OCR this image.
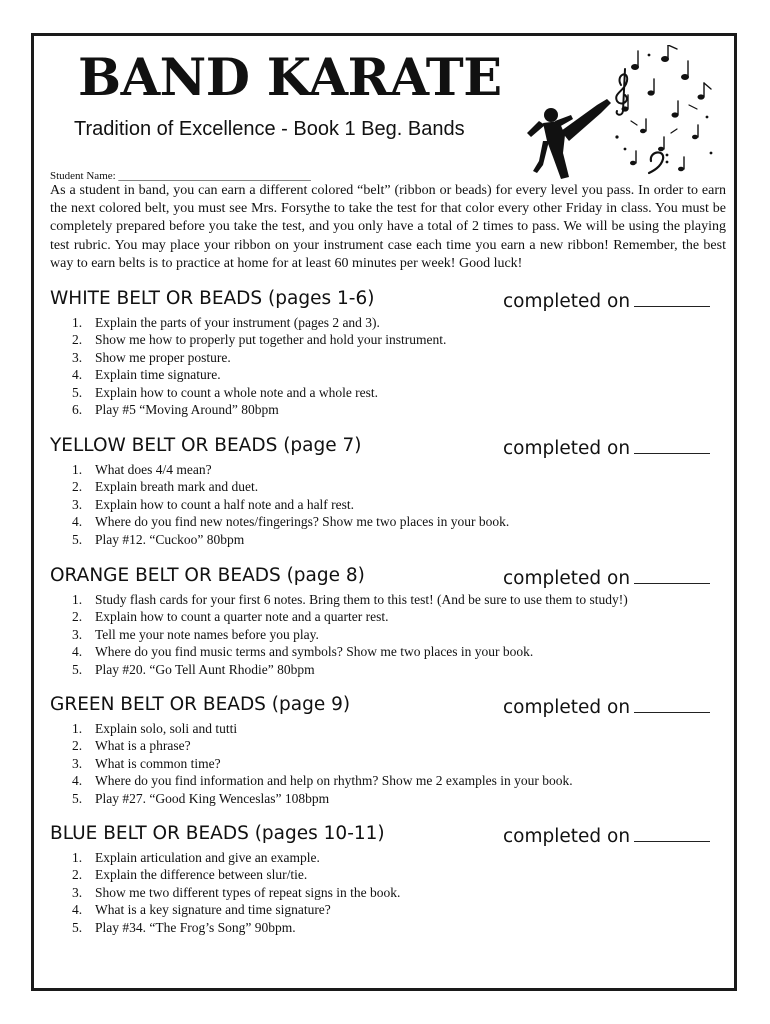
BAND KARATE

Tradition of Excellence - Book 1 Beg. Bands

Student Name: ___________________________________

As a student in band, you can earn a different colored “belt” (ribbon or beads) for every level you pass. In order to earn the next colored belt, you must see Mrs. Forsythe to take the test for that color every other Friday in class. You must be completely prepared before you take the test, and you only have a total of 2 times to pass. We will be using the playing test rubric. You may place your ribbon on your instrument case each time you earn a new ribbon! Remember, the best way to earn belts is to practice at home for at least 60 minutes per week! Good luck!

WHITE BELT OR BEADS (pages 1-6)	completed on
1. Explain the parts of your instrument (pages 2 and 3).
2. Show me how to properly put together and hold your instrument.
3. Show me proper posture.
4. Explain time signature.
5. Explain how to count a whole note and a whole rest.
6. Play #5 “Moving Around” 80bpm
YELLOW BELT OR BEADS (page 7)	completed on
1. What does 4/4 mean?
2. Explain breath mark and duet.
3. Explain how to count a half note and a half rest.
4. Where do you find new notes/fingerings? Show me two places in your book.
5. Play #12. “Cuckoo” 80bpm
ORANGE BELT OR BEADS (page 8)	completed on
1. Study flash cards for your first 6 notes. Bring them to this test! (And be sure to use them to study!)
2. Explain how to count a quarter note and a quarter rest.
3. Tell me your note names before you play.
4. Where do you find music terms and symbols? Show me two places in your book.
5. Play #20. “Go Tell Aunt Rhodie” 80bpm
GREEN BELT OR BEADS (page 9)	completed on
1. Explain solo, soli and tutti
2. What is a phrase?
3. What is common time?
4. Where do you find information and help on rhythm? Show me 2 examples in your book.
5. Play #27. “Good King Wenceslas” 108bpm
BLUE BELT OR BEADS (pages 10-11)	completed on
1. Explain articulation and give an example.
2. Explain the difference between slur/tie.
3. Show me two different types of repeat signs in the book.
4. What is a key signature and time signature?
5. Play #34. “The Frog’s Song” 90bpm.
